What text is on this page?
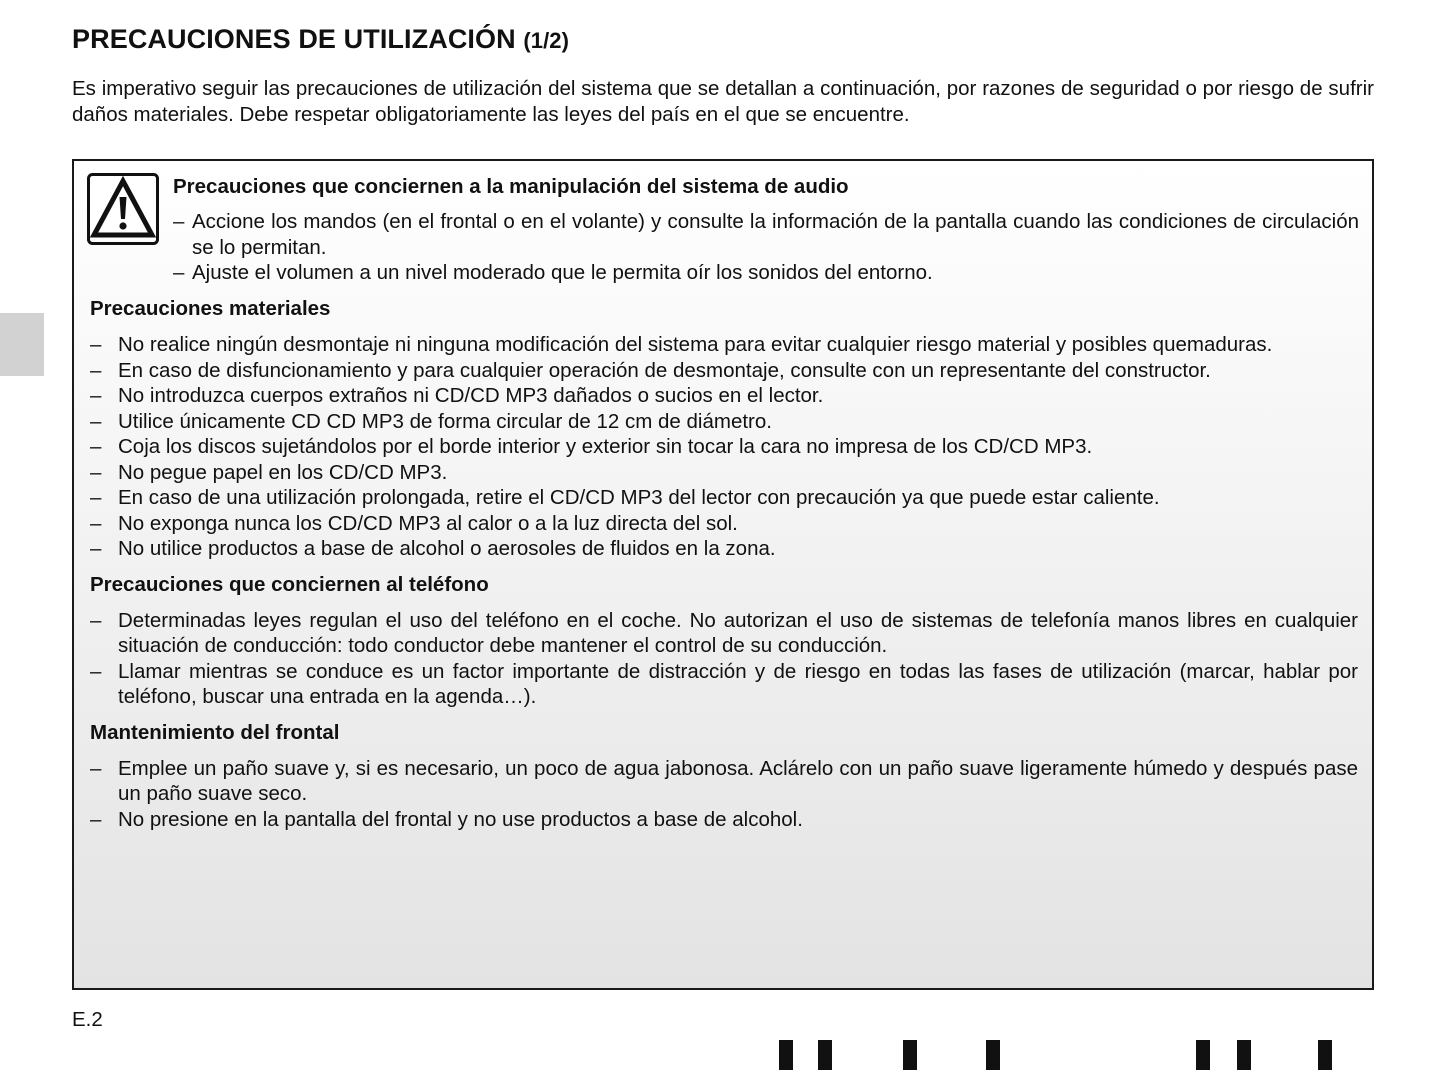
PRECAUCIONES DE UTILIZACIÓN (1/2)

Es imperativo seguir las precauciones de utilización del sistema que se detallan a continuación, por razones de seguridad o por riesgo de sufrir daños materiales. Debe respetar obligatoriamente las leyes del país en el que se encuentre.

Precauciones que conciernen a la manipulación del sistema de audio

– Accione los mandos (en el frontal o en el volante) y consulte la información de la pantalla cuando las condiciones de circulación se lo permitan.
– Ajuste el volumen a un nivel moderado que le permita oír los sonidos del entorno.

Precauciones materiales

– No realice ningún desmontaje ni ninguna modificación del sistema para evitar cualquier riesgo material y posibles quemaduras.
– En caso de disfuncionamiento y para cualquier operación de desmontaje, consulte con un representante del constructor.
– No introduzca cuerpos extraños ni CD/CD MP3 dañados o sucios en el lector.
– Utilice únicamente CD CD MP3 de forma circular de 12 cm de diámetro.
– Coja los discos sujetándolos por el borde interior y exterior sin tocar la cara no impresa de los CD/CD MP3.
– No pegue papel en los CD/CD MP3.
– En caso de una utilización prolongada, retire el CD/CD MP3 del lector con precaución ya que puede estar caliente.
– No exponga nunca los CD/CD MP3 al calor o a la luz directa del sol.
– No utilice productos a base de alcohol o aerosoles de fluidos en la zona.

Precauciones que conciernen al teléfono

– Determinadas leyes regulan el uso del teléfono en el coche. No autorizan el uso de sistemas de telefonía manos libres en cualquier situación de conducción: todo conductor debe mantener el control de su conducción.
– Llamar mientras se conduce es un factor importante de distracción y de riesgo en todas las fases de utilización (marcar, hablar por teléfono, buscar una entrada en la agenda…).

Mantenimiento del frontal

– Emplee un paño suave y, si es necesario, un poco de agua jabonosa. Aclárelo con un paño suave ligeramente húmedo y después pase un paño suave seco.
– No presione en la pantalla del frontal y no use productos a base de alcohol.
E.2
